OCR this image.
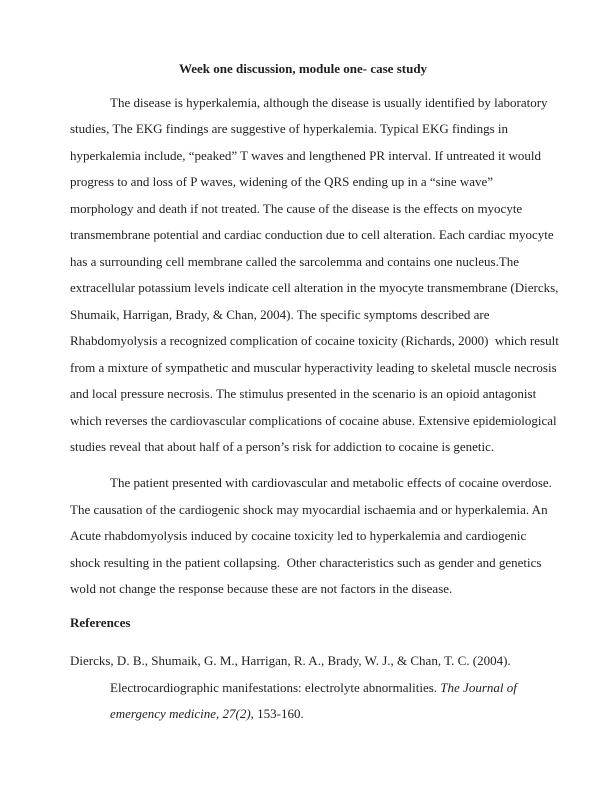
Week one discussion, module one- case study
The disease is hyperkalemia, although the disease is usually identified by laboratory
studies, The EKG findings are suggestive of hyperkalemia. Typical EKG findings in
hyperkalemia include, “peaked” T waves and lengthened PR interval. If untreated it would
progress to and loss of P waves, widening of the QRS ending up in a “sine wave”
morphology and death if not treated. The cause of the disease is the effects on myocyte
transmembrane potential and cardiac conduction due to cell alteration. Each cardiac myocyte
has a surrounding cell membrane called the sarcolemma and contains one nucleus.The
extracellular potassium levels indicate cell alteration in the myocyte transmembrane (Diercks,
Shumaik, Harrigan, Brady, & Chan, 2004). The specific symptoms described are
Rhabdomyolysis a recognized complication of cocaine toxicity (Richards, 2000)  which result
from a mixture of sympathetic and muscular hyperactivity leading to skeletal muscle necrosis
and local pressure necrosis. The stimulus presented in the scenario is an opioid antagonist
which reverses the cardiovascular complications of cocaine abuse. Extensive epidemiological
studies reveal that about half of a person’s risk for addiction to cocaine is genetic.
The patient presented with cardiovascular and metabolic effects of cocaine overdose.
The causation of the cardiogenic shock may myocardial ischaemia and or hyperkalemia. An
Acute rhabdomyolysis induced by cocaine toxicity led to hyperkalemia and cardiogenic
shock resulting in the patient collapsing.  Other characteristics such as gender and genetics
wold not change the response because these are not factors in the disease.
References
Diercks, D. B., Shumaik, G. M., Harrigan, R. A., Brady, W. J., & Chan, T. C. (2004).
Electrocardiographic manifestations: electrolyte abnormalities. The Journal of
emergency medicine, 27(2), 153-160.
